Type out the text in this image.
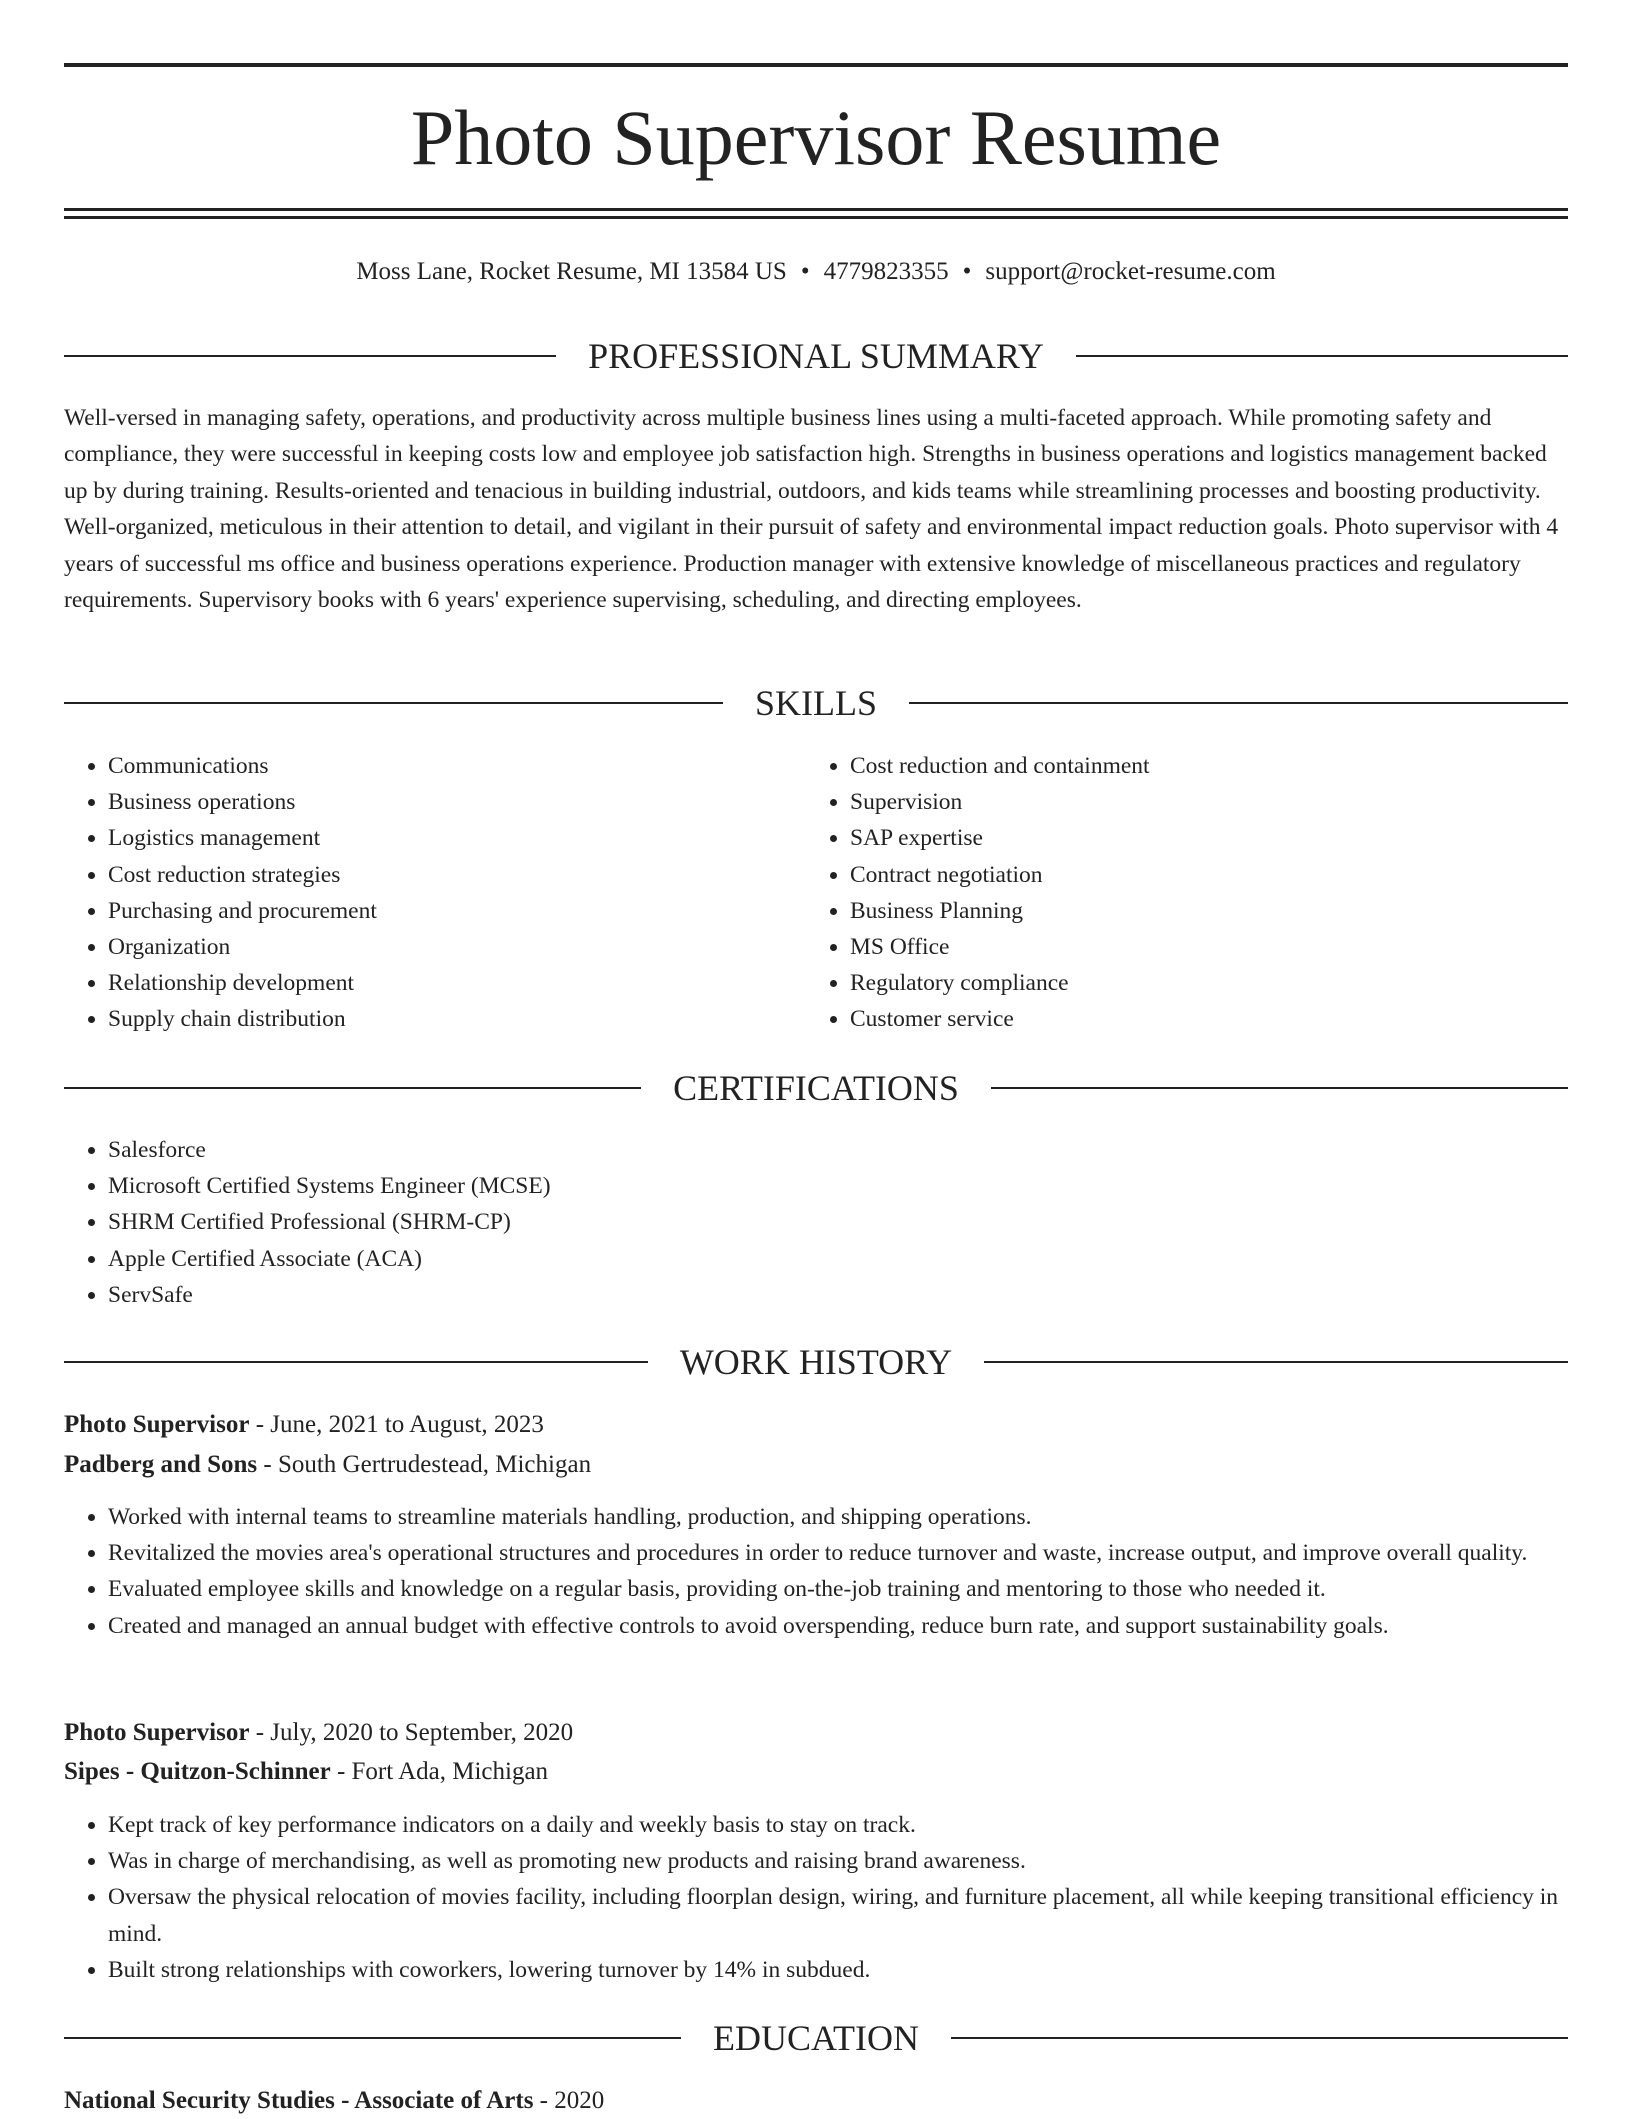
Photo Supervisor Resume
Moss Lane, Rocket Resume, MI 13584 US • 4779823355 • support@rocket-resume.com
PROFESSIONAL SUMMARY

Well-versed in managing safety, operations, and productivity across multiple business lines using a multi-faceted approach. While promoting safety and compliance, they were successful in keeping costs low and employee job satisfaction high. Strengths in business operations and logistics management backed up by during training. Results-oriented and tenacious in building industrial, outdoors, and kids teams while streamlining processes and boosting productivity. Well-organized, meticulous in their attention to detail, and vigilant in their pursuit of safety and environmental impact reduction goals. Photo supervisor with 4 years of successful ms office and business operations experience. Production manager with extensive knowledge of miscellaneous practices and regulatory requirements. Supervisory books with 6 years' experience supervising, scheduling, and directing employees.

SKILLS
• Communications
• Business operations
• Logistics management
• Cost reduction strategies
• Purchasing and procurement
• Organization
• Relationship development
• Supply chain distribution
• Cost reduction and containment
• Supervision
• SAP expertise
• Contract negotiation
• Business Planning
• MS Office
• Regulatory compliance
• Customer service
CERTIFICATIONS
• Salesforce
• Microsoft Certified Systems Engineer (MCSE)
• SHRM Certified Professional (SHRM-CP)
• Apple Certified Associate (ACA)
• ServSafe
WORK HISTORY
Photo Supervisor - June, 2021 to August, 2023
Padberg and Sons - South Gertrudestead, Michigan
• Worked with internal teams to streamline materials handling, production, and shipping operations.
• Revitalized the movies area's operational structures and procedures in order to reduce turnover and waste, increase output, and improve overall quality.
• Evaluated employee skills and knowledge on a regular basis, providing on-the-job training and mentoring to those who needed it.
• Created and managed an annual budget with effective controls to avoid overspending, reduce burn rate, and support sustainability goals.
Photo Supervisor - July, 2020 to September, 2020
Sipes - Quitzon-Schinner - Fort Ada, Michigan
• Kept track of key performance indicators on a daily and weekly basis to stay on track.
• Was in charge of merchandising, as well as promoting new products and raising brand awareness.
• Oversaw the physical relocation of movies facility, including floorplan design, wiring, and furniture placement, all while keeping transitional efficiency in mind.
• Built strong relationships with coworkers, lowering turnover by 14% in subdued.
EDUCATION
National Security Studies - Associate of Arts - 2020
